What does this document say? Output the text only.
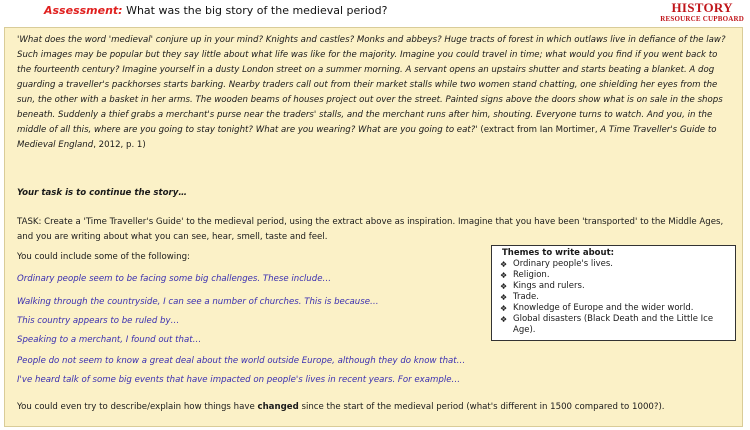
Assessment: What was the big story of the medieval period?	HISTORY
RESOURCE CUPBOARD
'What does the word 'medieval' conjure up in your mind? Knights and castles? Monks and abbeys? Huge tracts of forest in which outlaws live in defiance of the law? Such images may be popular but they say little about what life was like for the majority. Imagine you could travel in time; what would you find if you went back to the fourteenth century? Imagine yourself in a dusty London street on a summer morning. A servant opens an upstairs shutter and starts beating a blanket. A dog guarding a traveller's packhorses starts barking. Nearby traders call out from their market stalls while two women stand chatting, one shielding her eyes from the sun, the other with a basket in her arms. The wooden beams of houses project out over the street. Painted signs above the doors show what is on sale in the shops beneath. Suddenly a thief grabs a merchant's purse near the traders' stalls, and the merchant runs after him, shouting. Everyone turns to watch. And you, in the middle of all this, where are you going to stay tonight? What are you wearing? What are you going to eat?' (extract from Ian Mortimer, A Time Traveller's Guide to Medieval England, 2012, p. 1)
Your task is to continue the story…
TASK: Create a 'Time Traveller's Guide' to the medieval period, using the extract above as inspiration. Imagine that you have been 'transported' to the Middle Ages, and you are writing about what you can see, hear, smell, taste and feel.
You could include some of the following:
Ordinary people seem to be facing some big challenges. These include…
Walking through the countryside, I can see a number of churches. This is because…
This country appears to be ruled by…
Speaking to a merchant, I found out that…
People do not seem to know a great deal about the world outside Europe, although they do know that…
I've heard talk of some big events that have impacted on people's lives in recent years. For example…
You could even try to describe/explain how things have changed since the start of the medieval period (what's different in 1500 compared to 1000?).
Themes to write about:
❖ Ordinary people's lives.
❖ Religion.
❖ Kings and rulers.
❖ Trade.
❖ Knowledge of Europe and the wider world.
❖ Global disasters (Black Death and the Little Ice Age).
